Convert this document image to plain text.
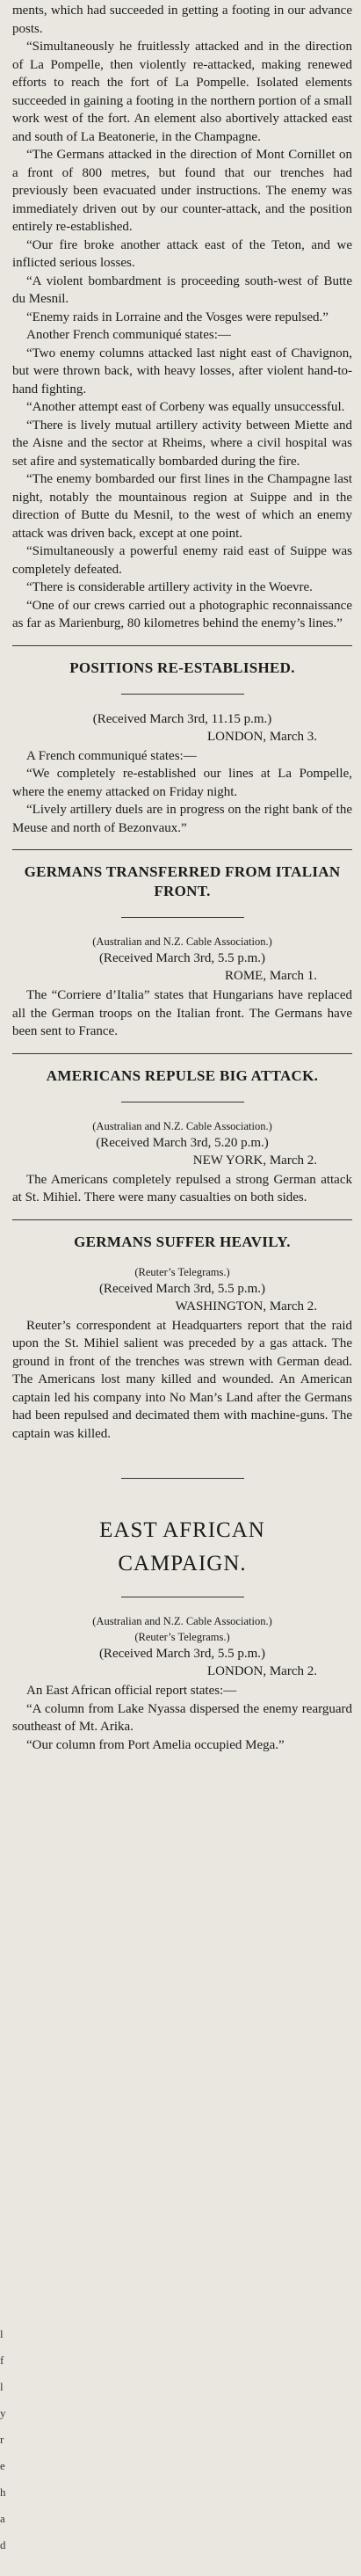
l
f
l
y
r
e
h
a
d

ments, which had succeeded in getting a footing in our advance posts.

“Simultaneously he fruitlessly attacked and in the direction of La Pompelle, then violently re-attacked, making renewed efforts to reach the fort of La Pompelle. Isolated elements succeeded in gaining a footing in the northern portion of a small work west of the fort. An element also abortively attacked east and south of La Beatonerie, in the Champagne.

“The Germans attacked in the direction of Mont Cornillet on a front of 800 metres, but found that our trenches had previously been evacuated under instructions. The enemy was immediately driven out by our counter-attack, and the position entirely re-established.

“Our fire broke another attack east of the Teton, and we inflicted serious losses.

“A violent bombardment is proceeding south-west of Butte du Mesnil.

“Enemy raids in Lorraine and the Vosges were repulsed.”

Another French communiqué states:—

“Two enemy columns attacked last night east of Chavignon, but were thrown back, with heavy losses, after violent hand-to-hand fighting.

“Another attempt east of Corbeny was equally unsuccessful.

“There is lively mutual artillery activity between Miette and the Aisne and the sector at Rheims, where a civil hospital was set afire and systematically bombarded during the fire.

“The enemy bombarded our first lines in the Champagne last night, notably the mountainous region at Suippe and in the direction of Butte du Mesnil, to the west of which an enemy attack was driven back, except at one point.

“Simultaneously a powerful enemy raid east of Suippe was completely defeated.

“There is considerable artillery activity in the Woevre.

“One of our crews carried out a photographic reconnaissance as far as Marienburg, 80 kilometres behind the enemy’s lines.”

POSITIONS RE-ESTABLISHED.

(Received March 3rd, 11.15 p.m.)

LONDON, March 3.

A French communiqué states:—

“We completely re-established our lines at La Pompelle, where the enemy attacked on Friday night.

“Lively artillery duels are in progress on the right bank of the Meuse and north of Bezonvaux.”

GERMANS TRANSFERRED FROM ITALIAN FRONT.

(Australian and N.Z. Cable Association.)

(Received March 3rd, 5.5 p.m.)

ROME, March 1.

The “Corriere d’Italia” states that Hungarians have replaced all the German troops on the Italian front. The Germans have been sent to France.

AMERICANS REPULSE BIG ATTACK.

(Australian and N.Z. Cable Association.)

(Received March 3rd, 5.20 p.m.)

NEW YORK, March 2.

The Americans completely repulsed a strong German attack at St. Mihiel. There were many casualties on both sides.

GERMANS SUFFER HEAVILY.

(Reuter’s Telegrams.)

(Received March 3rd, 5.5 p.m.)

WASHINGTON, March 2.

Reuter’s correspondent at Headquarters report that the raid upon the St. Mihiel salient was preceded by a gas attack. The ground in front of the trenches was strewn with German dead. The Americans lost many killed and wounded. An American captain led his company into No Man’s Land after the Germans had been repulsed and decimated them with machine-guns. The captain was killed.

EAST AFRICAN
CAMPAIGN.

(Australian and N.Z. Cable Association.)

(Reuter’s Telegrams.)

(Received March 3rd, 5.5 p.m.)

LONDON, March 2.

An East African official report states:—

“A column from Lake Nyassa dispersed the enemy rearguard southeast of Mt. Arika.

“Our column from Port Amelia occupied Mega.”
